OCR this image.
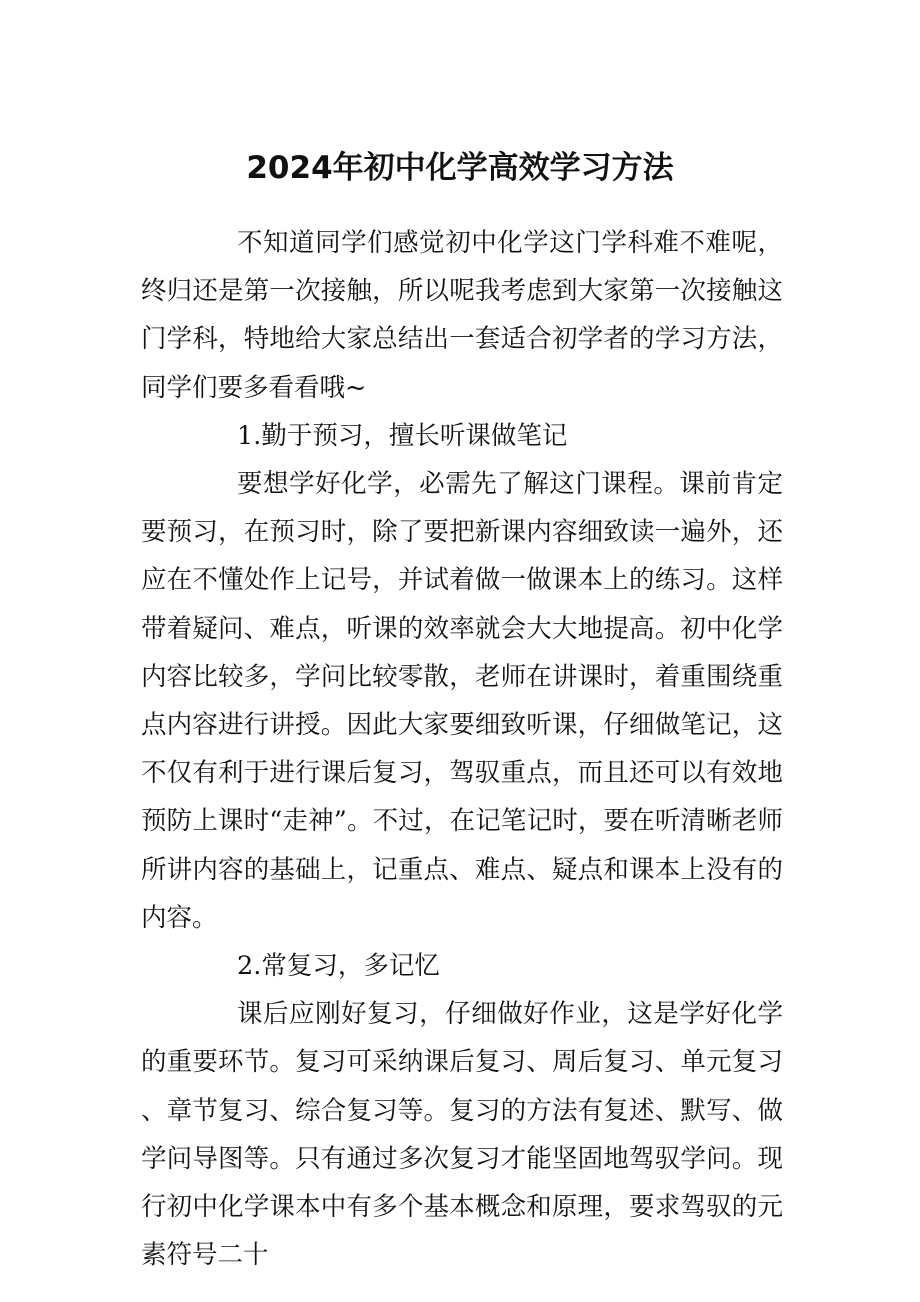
2024年初中化学高效学习方法

不知道同学们感觉初中化学这门学科难不难呢，终归还是第一次接触，所以呢我考虑到大家第一次接触这门学科，特地给大家总结出一套适合初学者的学习方法，同学们要多看看哦~

1.勤于预习，擅长听课做笔记

要想学好化学，必需先了解这门课程。课前肯定要预习，在预习时，除了要把新课内容细致读一遍外，还应在不懂处作上记号，并试着做一做课本上的练习。这样带着疑问、难点，听课的效率就会大大地提高。初中化学内容比较多，学问比较零散，老师在讲课时，着重围绕重点内容进行讲授。因此大家要细致听课，仔细做笔记，这不仅有利于进行课后复习，驾驭重点，而且还可以有效地预防上课时“走神”。不过，在记笔记时，要在听清晰老师所讲内容的基础上，记重点、难点、疑点和课本上没有的内容。

2.常复习，多记忆

课后应刚好复习，仔细做好作业，这是学好化学的重要环节。复习可采纳课后复习、周后复习、单元复习、章节复习、综合复习等。复习的方法有复述、默写、做学问导图等。只有通过多次复习才能坚固地驾驭学问。现行初中化学课本中有多个基本概念和原理，要求驾驭的元素符号二十
